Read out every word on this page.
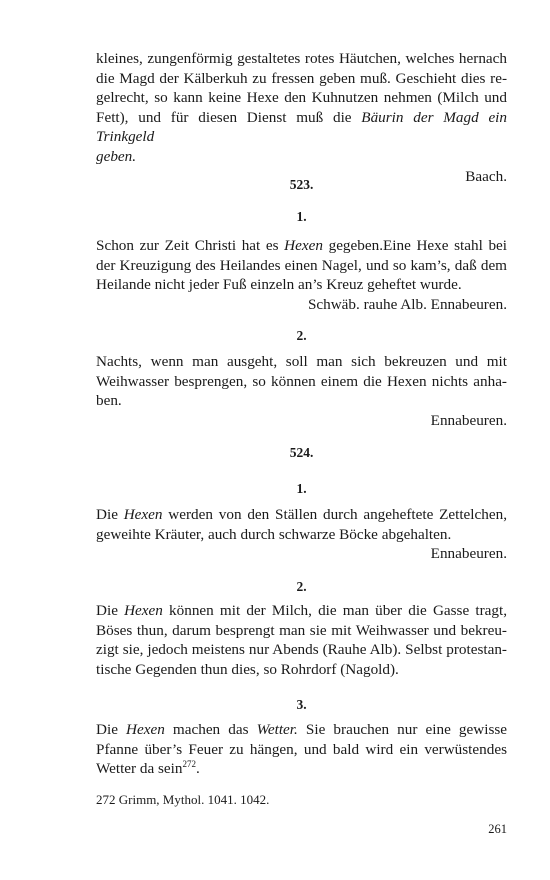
kleines, zungenförmig gestaltetes rotes Häutchen, welches hernach

die Magd der Kälberkuh zu fressen geben muß. Geschieht dies re-

gelrecht, so kann keine Hexe den Kuhnutzen nehmen (Milch und

Fett), und für diesen Dienst muß die Bäurin der Magd ein Trinkgeld

geben.

Baach.
523.
1.

Schon zur Zeit Christi hat es Hexen gegeben.Eine Hexe stahl bei der Kreuzigung des Heilandes einen Nagel, und so kam’s, daß dem Heilande nicht jeder Fuß einzeln an’s Kreuz geheftet wurde.

Schwäb. rauhe Alb. Ennabeuren.
2.

Nachts, wenn man ausgeht, soll man sich bekreuzen und mit Weihwasser besprengen, so können einem die Hexen nichts anha- ben.

Ennabeuren.
524.
1.

Die Hexen werden von den Ställen durch angeheftete Zettelchen, geweihte Kräuter, auch durch schwarze Böcke abgehalten.

Ennabeuren.
2.

Die Hexen können mit der Milch, die man über die Gasse tragt, Böses thun, darum besprengt man sie mit Weihwasser und bekreu- zigt sie, jedoch meistens nur Abends (Rauhe Alb). Selbst protestan- tische Gegenden thun dies, so Rohrdorf (Nagold).

3.

Die Hexen machen das Wetter. Sie brauchen nur eine gewisse Pfanne über’s Feuer zu hängen, und bald wird ein verwüstendes Wetter da sein$^{272}$.

272 Grimm, Mythol. 1041. 1042.
261
